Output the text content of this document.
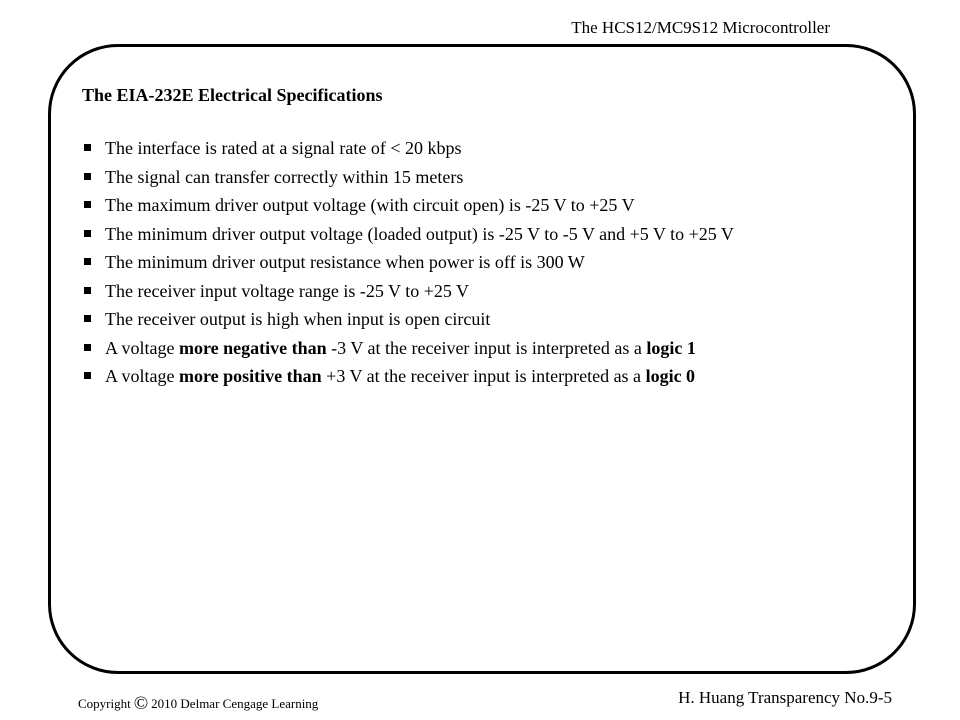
The HCS12/MC9S12 Microcontroller
The EIA-232E Electrical Specifications
The interface is rated at a signal rate of < 20 kbps
The signal can transfer correctly within 15 meters
The maximum driver output voltage (with circuit open) is -25 V to +25 V
The minimum driver output voltage (loaded output) is -25 V to -5 V and +5 V to +25 V
The minimum driver output resistance when power is off is 300 W
The receiver input voltage range is -25 V to +25 V
The receiver output is high when input is open circuit
A voltage more negative than -3 V at the receiver input is interpreted as a logic 1
A voltage more positive than +3 V at the receiver input is interpreted as a logic 0
Copyright © 2010 Delmar Cengage Learning	H. Huang Transparency No.9-5
